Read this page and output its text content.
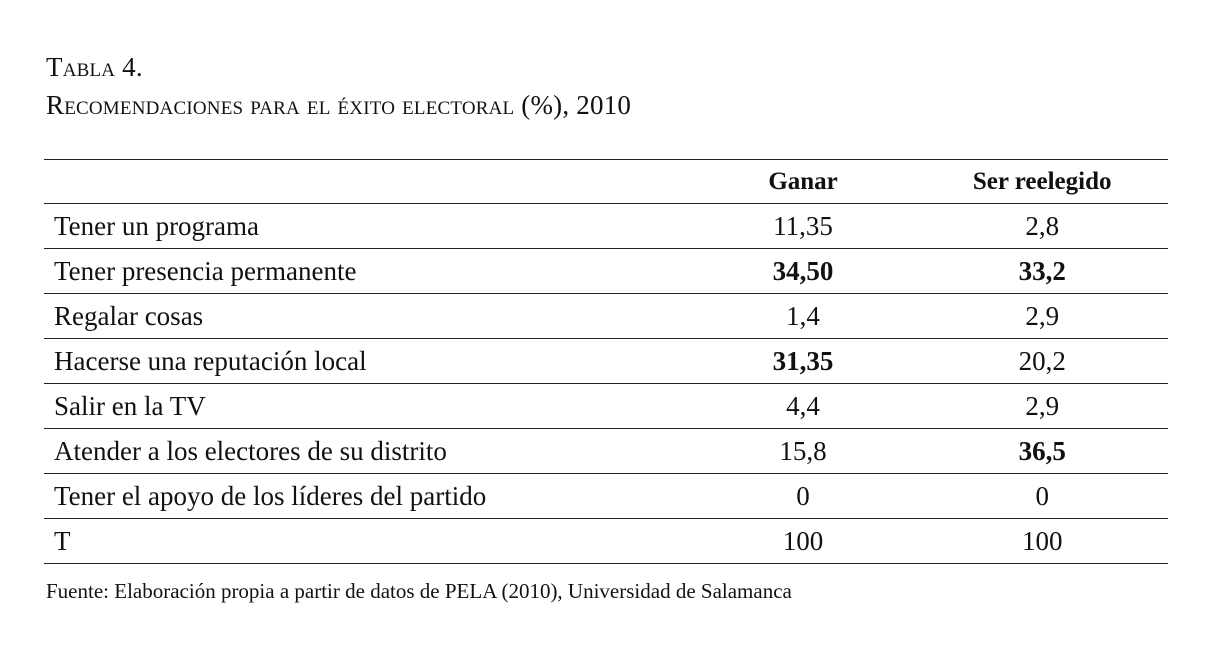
Tabla 4.
Recomendaciones para el éxito electoral (%), 2010
	Ganar	Ser reelegido
Tener un programa	11,35	2,8
Tener presencia permanente	34,50	33,2
Regalar cosas	1,4	2,9
Hacerse una reputación local	31,35	20,2
Salir en la TV	4,4	2,9
Atender a los electores de su distrito	15,8	36,5
Tener el apoyo de los líderes del partido	0	0
T	100	100
Fuente: Elaboración propia a partir de datos de PELA (2010), Universidad de Salamanca
